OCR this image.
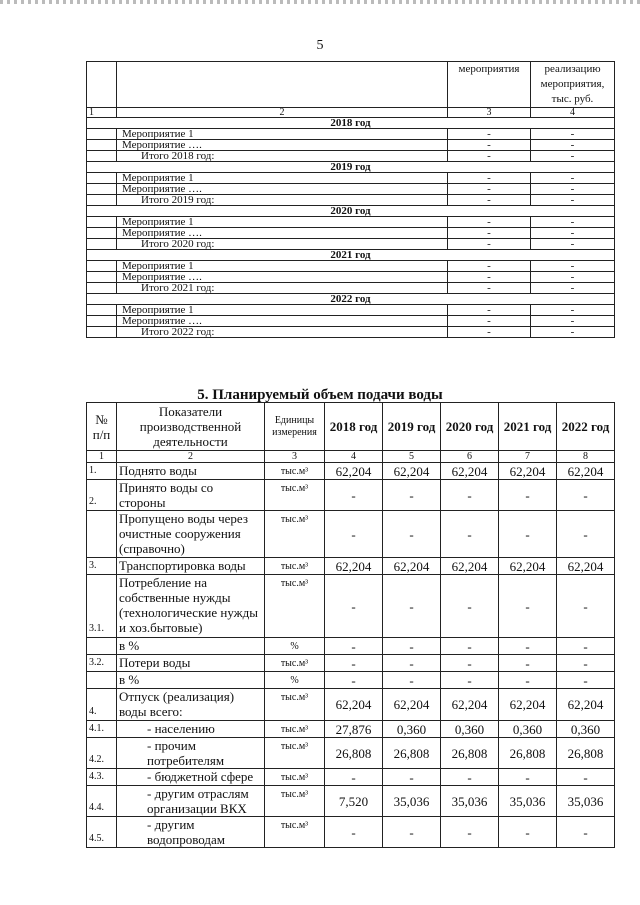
5
		мероприятия	реализацию мероприятия, тыс. руб.
1	2	3	4
2018 год			
	Мероприятие 1	-	-
	Мероприятие ….	-	-
	Итого 2018 год:	-	-
2019 год			
	Мероприятие 1	-	-
	Мероприятие ….	-	-
	Итого 2019 год:	-	-
2020 год			
	Мероприятие 1	-	-
	Мероприятие ….	-	-
	Итого 2020 год:	-	-
2021 год			
	Мероприятие 1	-	-
	Мероприятие ….	-	-
	Итого 2021 год:	-	-
2022 год			
	Мероприятие 1	-	-
	Мероприятие ….	-	-
	Итого 2022 год:	-	-
5. Планируемый объем подачи воды
№ п/п	Показатели производственной деятельности	Единицы измерения	2018 год	2019 год	2020 год	2021 год	2022 год
1	2	3	4	5	6	7	8
1.	Поднято воды	тыс.м³	62,204	62,204	62,204	62,204	62,204
2.	Принято воды со стороны	тыс.м³	-	-	-	-	-
	Пропущено воды через очистные сооружения (справочно)	тыс.м³	-	-	-	-	-
3.	Транспортировка воды	тыс.м³	62,204	62,204	62,204	62,204	62,204
3.1.	Потребление на собственные нужды (технологические нужды и хоз.бытовые)	тыс.м³	-	-	-	-	-
	в %	%	-	-	-	-	-
3.2.	Потери воды	тыс.м³	-	-	-	-	-
	в %	%	-	-	-	-	-
4.	Отпуск (реализация) воды всего:	тыс.м³	62,204	62,204	62,204	62,204	62,204
4.1.	- населению	тыс.м³	27,876	0,360	0,360	0,360	0,360
4.2.	- прочим потребителям	тыс.м³	26,808	26,808	26,808	26,808	26,808
4.3.	- бюджетной сфере	тыс.м³	-	-	-	-	-
4.4.	- другим отраслям организации ВКХ	тыс.м³	7,520	35,036	35,036	35,036	35,036
4.5.	- другим водопроводам	тыс.м³	-	-	-	-	-
